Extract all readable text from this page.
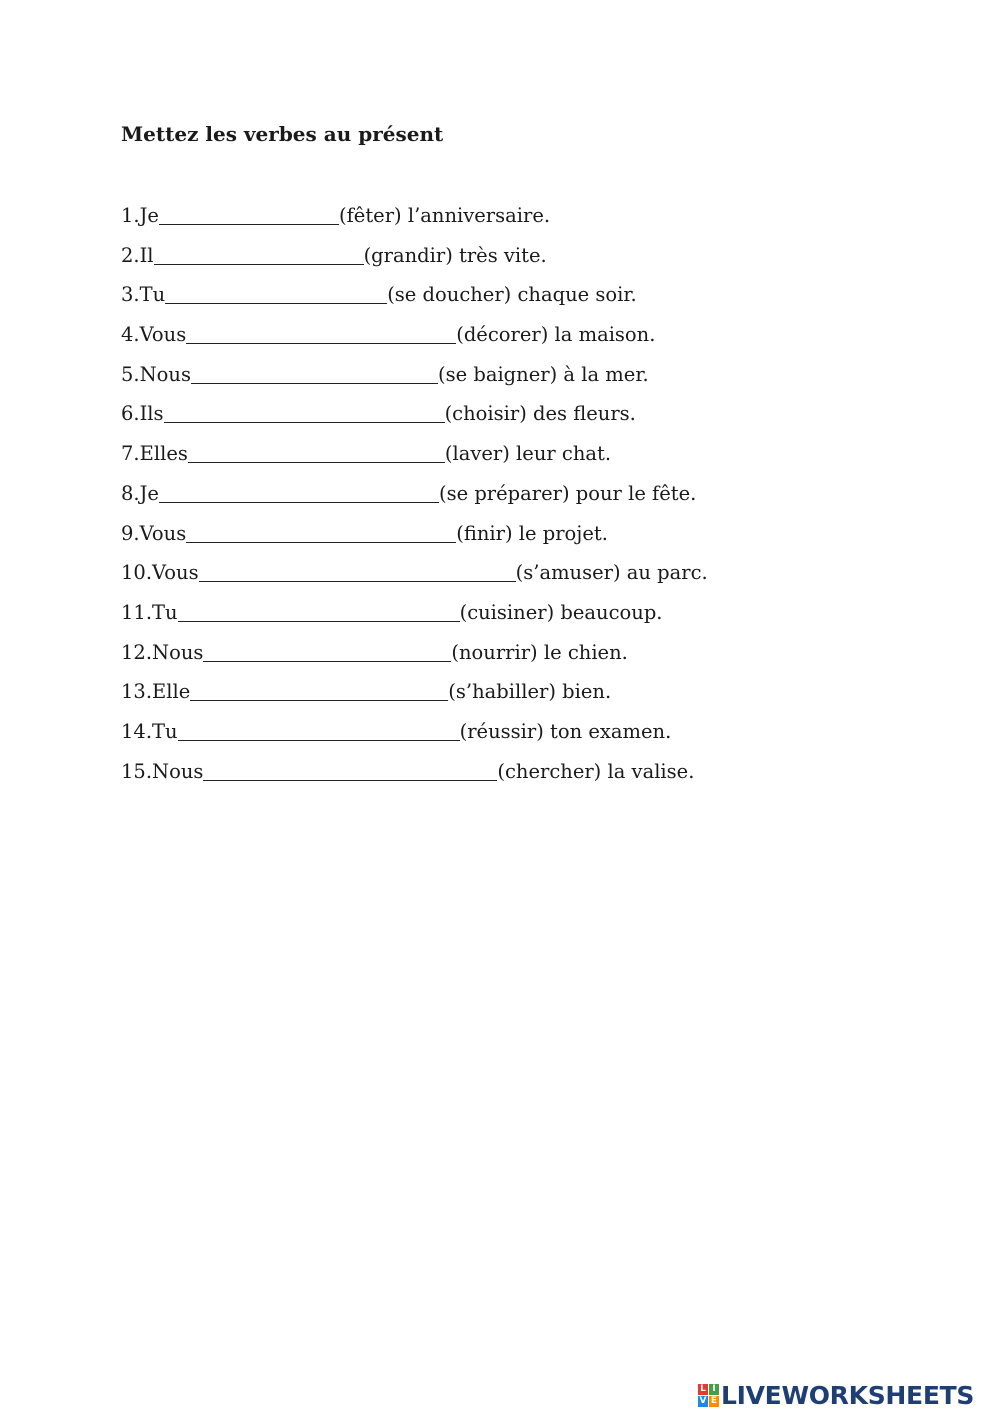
Mettez les verbes au présent
1. Je	(fêter) l’anniversaire.
2. Il	(grandir) très vite.
3. Tu	(se doucher) chaque soir.
4. Vous	(décorer) la maison.
5. Nous	(se baigner) à la mer.
6. Ils	(choisir) des fleurs.
7. Elles	(laver) leur chat.
8. Je	(se préparer) pour le fête.
9. Vous	(finir) le projet.
10. Vous	(s’amuser) au parc.
11. Tu	(cuisiner) beaucoup.
12. Nous	(nourrir) le chien.
13. Elle	(s’habiller) bien.
14. Tu	(réussir) ton examen.
15. Nous	(chercher) la valise.
L I
V E LIVEWORKSHEETS
